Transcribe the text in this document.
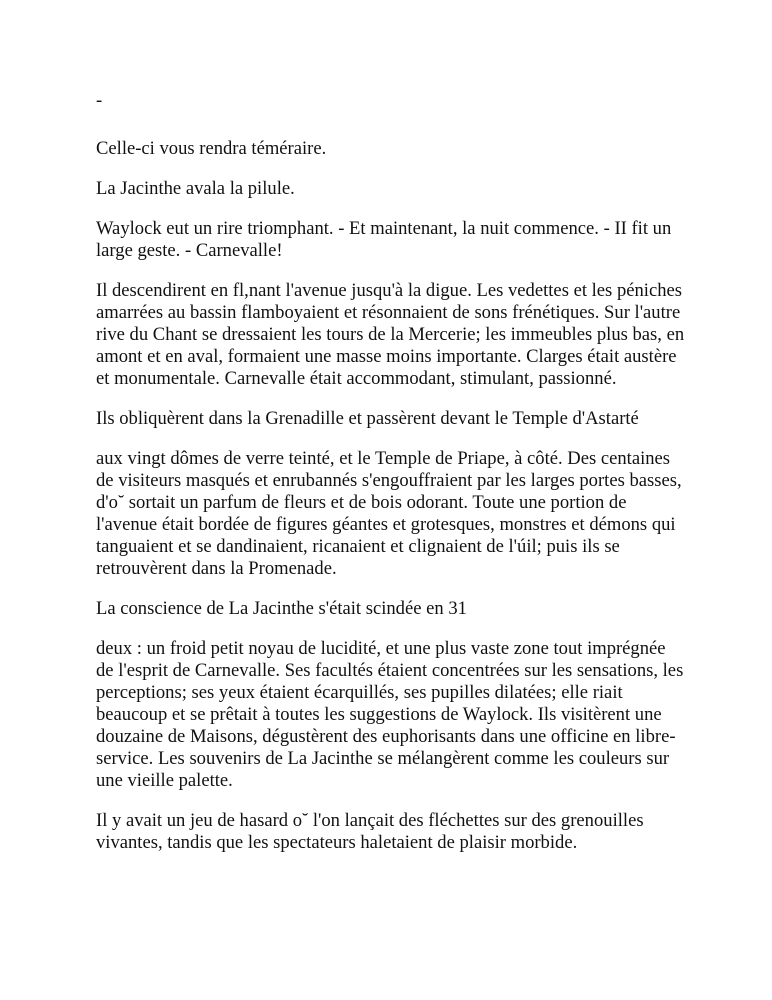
-

Celle-ci vous rendra téméraire.

La Jacinthe avala la pilule.

Waylock eut un rire triomphant. - Et maintenant, la nuit commence. - II fit un large geste. - Carnevalle!

Il descendirent en fl,nant l'avenue jusqu'à la digue. Les vedettes et les péniches amarrées au bassin flamboyaient et résonnaient de sons frénétiques. Sur l'autre rive du Chant se dressaient les tours de la Mercerie; les immeubles plus bas, en amont et en aval, formaient une masse moins importante. Clarges était austère et monumentale. Carnevalle était accommodant, stimulant, passionné.

Ils obliquèrent dans la Grenadille et passèrent devant le Temple d'Astarté

aux vingt dômes de verre teinté, et le Temple de Priape, à côté. Des centaines de visiteurs masqués et enrubannés s'engouffraient par les larges portes basses, d'o˘ sortait un parfum de fleurs et de bois odorant. Toute une portion de l'avenue était bordée de figures géantes et grotesques, monstres et démons qui tanguaient et se dandinaient, ricanaient et clignaient de l'úil; puis ils se retrouvèrent dans la Promenade.

La conscience de La Jacinthe s'était scindée en 31

deux : un froid petit noyau de lucidité, et une plus vaste zone tout imprégnée de l'esprit de Carnevalle. Ses facultés étaient concentrées sur les sensations, les perceptions; ses yeux étaient écarquillés, ses pupilles dilatées; elle riait beaucoup et se prêtait à toutes les suggestions de Waylock. Ils visitèrent une douzaine de Maisons, dégustèrent des euphorisants dans une officine en libre-service. Les souvenirs de La Jacinthe se mélangèrent comme les couleurs sur une vieille palette.

Il y avait un jeu de hasard o˘ l'on lançait des fléchettes sur des grenouilles vivantes, tandis que les spectateurs haletaient de plaisir morbide.
